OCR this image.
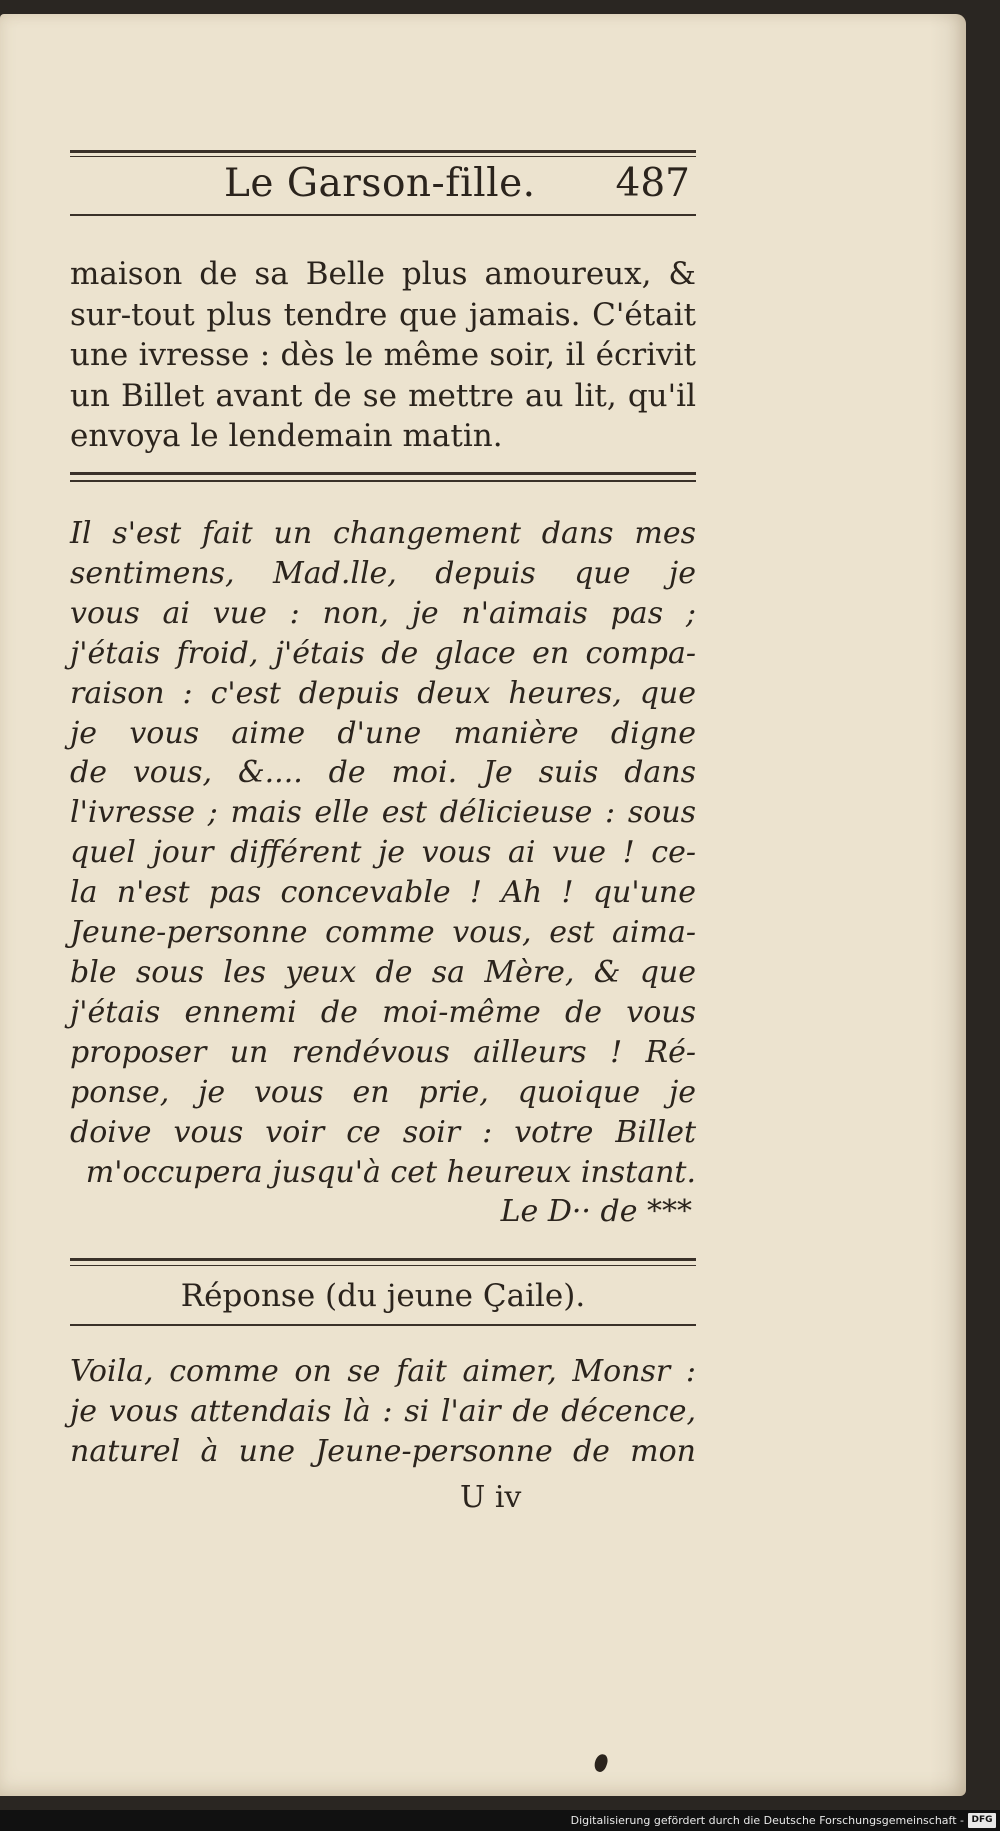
Le Garson-fille. 487

maison de sa Belle plus amoureux, &

sur-tout plus tendre que jamais. C'était

une ivresse : dès le même soir, il écrivit

un Billet avant de se mettre au lit, qu'il

envoya le lendemain matin.

Il s'est fait un changement dans mes

sentimens, Mad.lle, depuis que je

vous ai vue : non, je n'aimais pas ;

j'étais froid, j'étais de glace en compa-

raison : c'est depuis deux heures, que

je vous aime d'une manière digne

de vous, &.... de moi. Je suis dans

l'ivresse ; mais elle est délicieuse : sous

quel jour différent je vous ai vue ! ce-

la n'est pas concevable ! Ah ! qu'une

Jeune-personne comme vous, est aima-

ble sous les yeux de sa Mère, & que

j'étais ennemi de moi-même de vous

proposer un rendévous ailleurs ! Ré-

ponse, je vous en prie, quoique je

doive vous voir ce soir : votre Billet

m'occupera jusqu'à cet heureux instant.

Le D·· de ***
Réponse (du jeune Çaile).

Voila, comme on se fait aimer, Monsr :

je vous attendais là : si l'air de décence,

naturel à une Jeune-personne de mon

U iv
Digitalisierung gefördert durch die Deutsche Forschungsgemeinschaft - DFG
